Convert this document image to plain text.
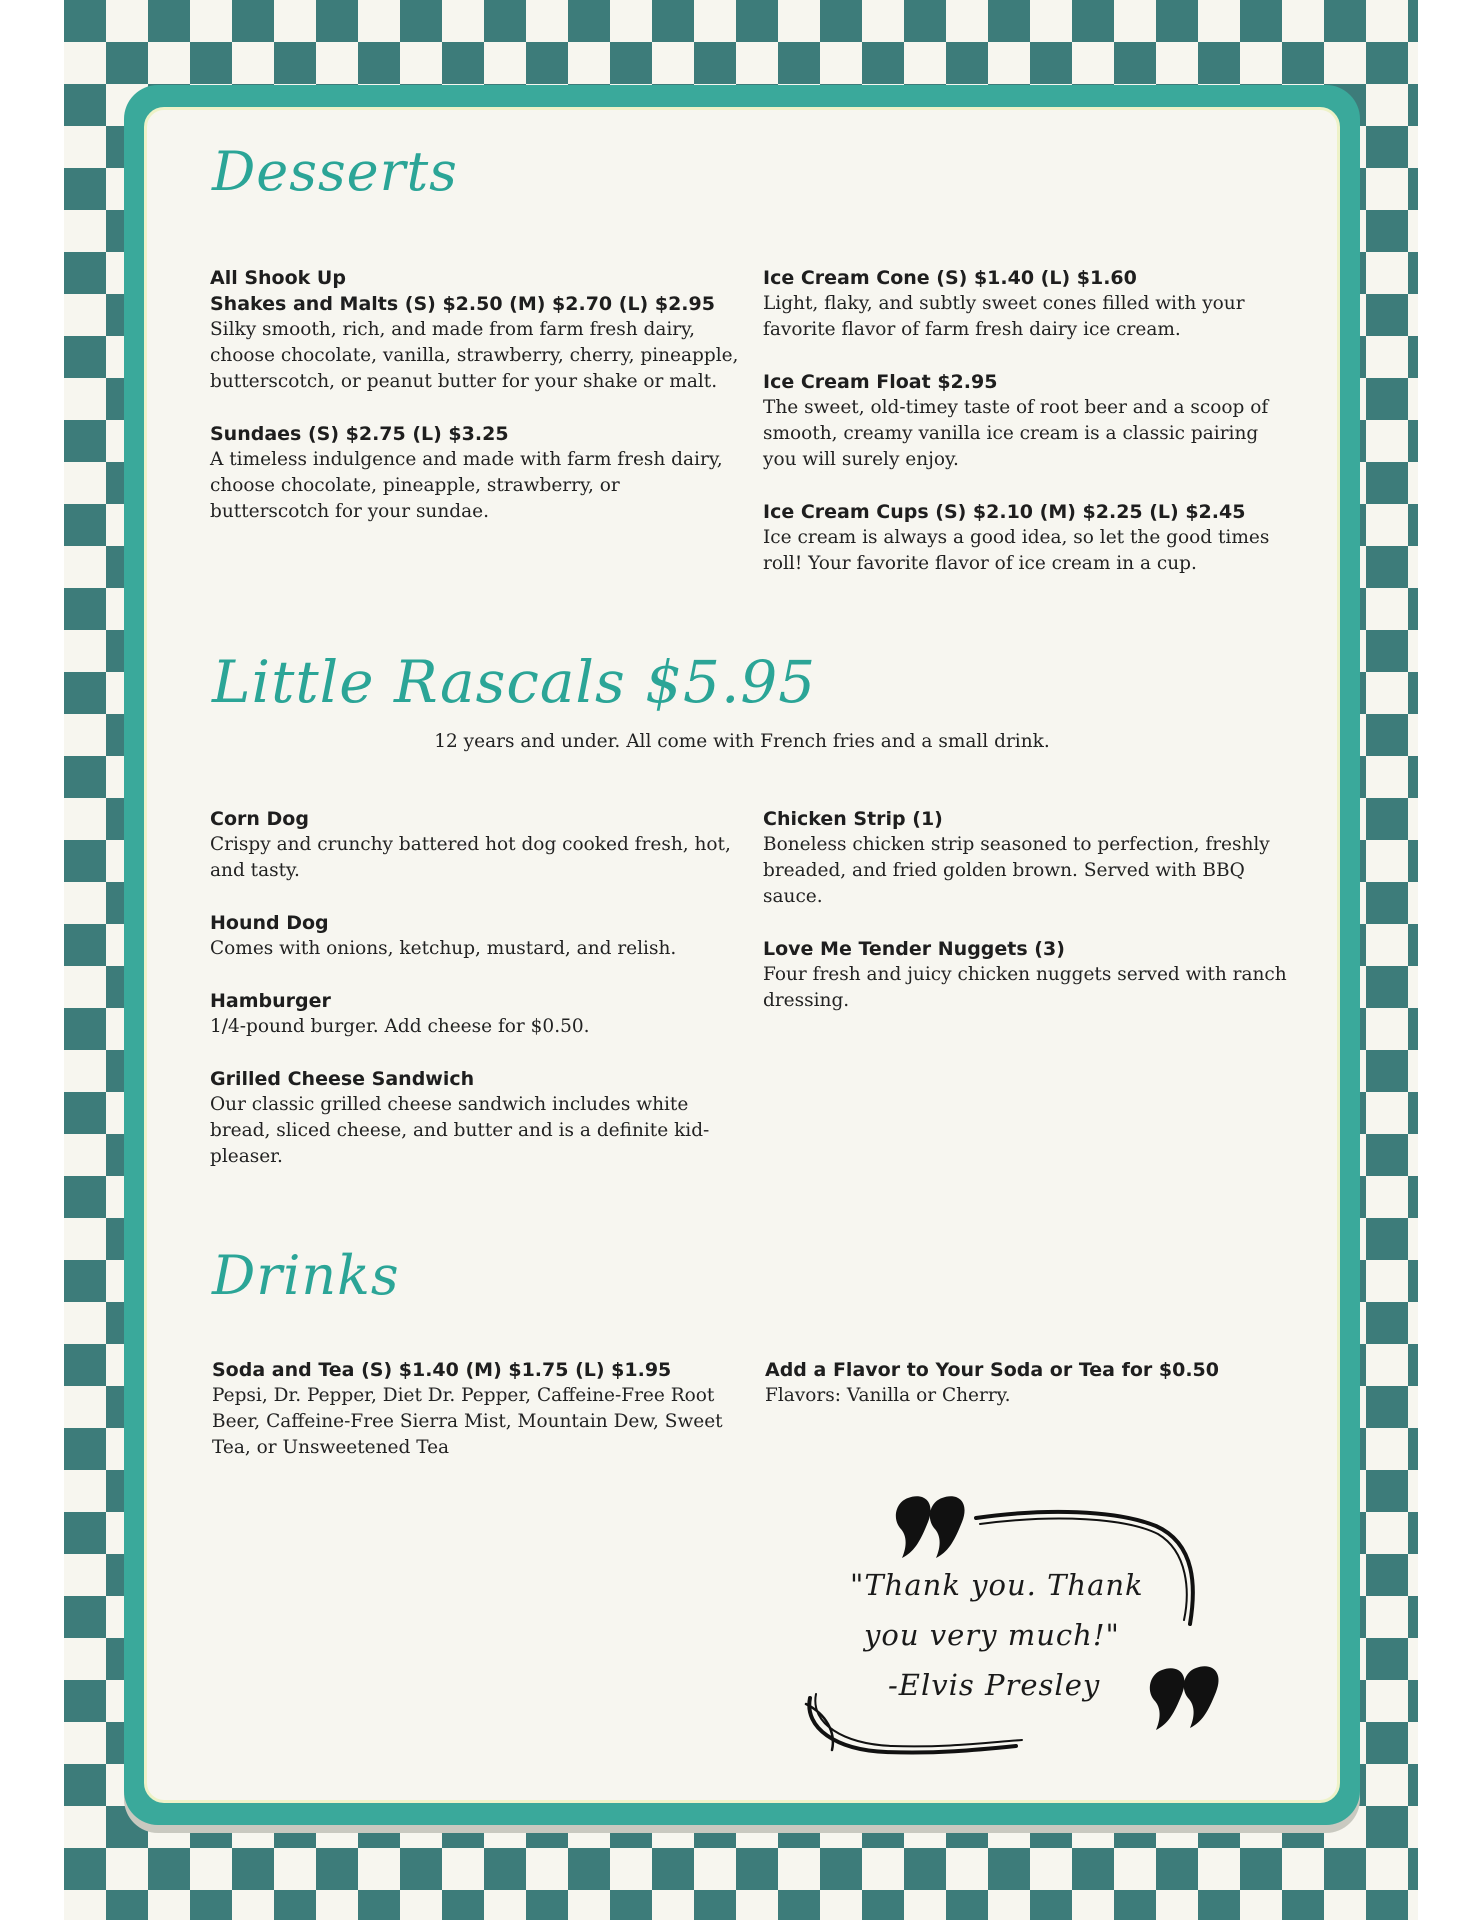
Desserts
All Shook Up
Shakes and Malts (S) $2.50 (M) $2.70 (L) $2.95
Silky smooth, rich, and made from farm fresh dairy, choose chocolate, vanilla, strawberry, cherry, pineapple, butterscotch, or peanut butter for your shake or malt.
Sundaes (S) $2.75 (L) $3.25
A timeless indulgence and made with farm fresh dairy, choose chocolate, pineapple, strawberry, or butterscotch for your sundae.
Ice Cream Cone (S) $1.40 (L) $1.60
Light, flaky, and subtly sweet cones filled with your favorite flavor of farm fresh dairy ice cream.
Ice Cream Float $2.95
The sweet, old-timey taste of root beer and a scoop of smooth, creamy vanilla ice cream is a classic pairing you will surely enjoy.
Ice Cream Cups (S) $2.10 (M) $2.25 (L) $2.45
Ice cream is always a good idea, so let the good times roll! Your favorite flavor of ice cream in a cup.
Little Rascals $5.95
12 years and under. All come with French fries and a small drink.
Corn Dog
Crispy and crunchy battered hot dog cooked fresh, hot, and tasty.
Hound Dog
Comes with onions, ketchup, mustard, and relish.
Hamburger
1/4-pound burger. Add cheese for $0.50.
Grilled Cheese Sandwich
Our classic grilled cheese sandwich includes white bread, sliced cheese, and butter and is a definite kid-pleaser.
Chicken Strip (1)
Boneless chicken strip seasoned to perfection, freshly breaded, and fried golden brown. Served with BBQ sauce.
Love Me Tender Nuggets (3)
Four fresh and juicy chicken nuggets served with ranch dressing.
Drinks
Soda and Tea (S) $1.40 (M) $1.75 (L) $1.95
Pepsi, Dr. Pepper, Diet Dr. Pepper, Caffeine-Free Root Beer, Caffeine-Free Sierra Mist, Mountain Dew, Sweet Tea, or Unsweetened Tea
Add a Flavor to Your Soda or Tea for $0.50
Flavors: Vanilla or Cherry.
"Thank you. Thank
you very much!"
-Elvis Presley
